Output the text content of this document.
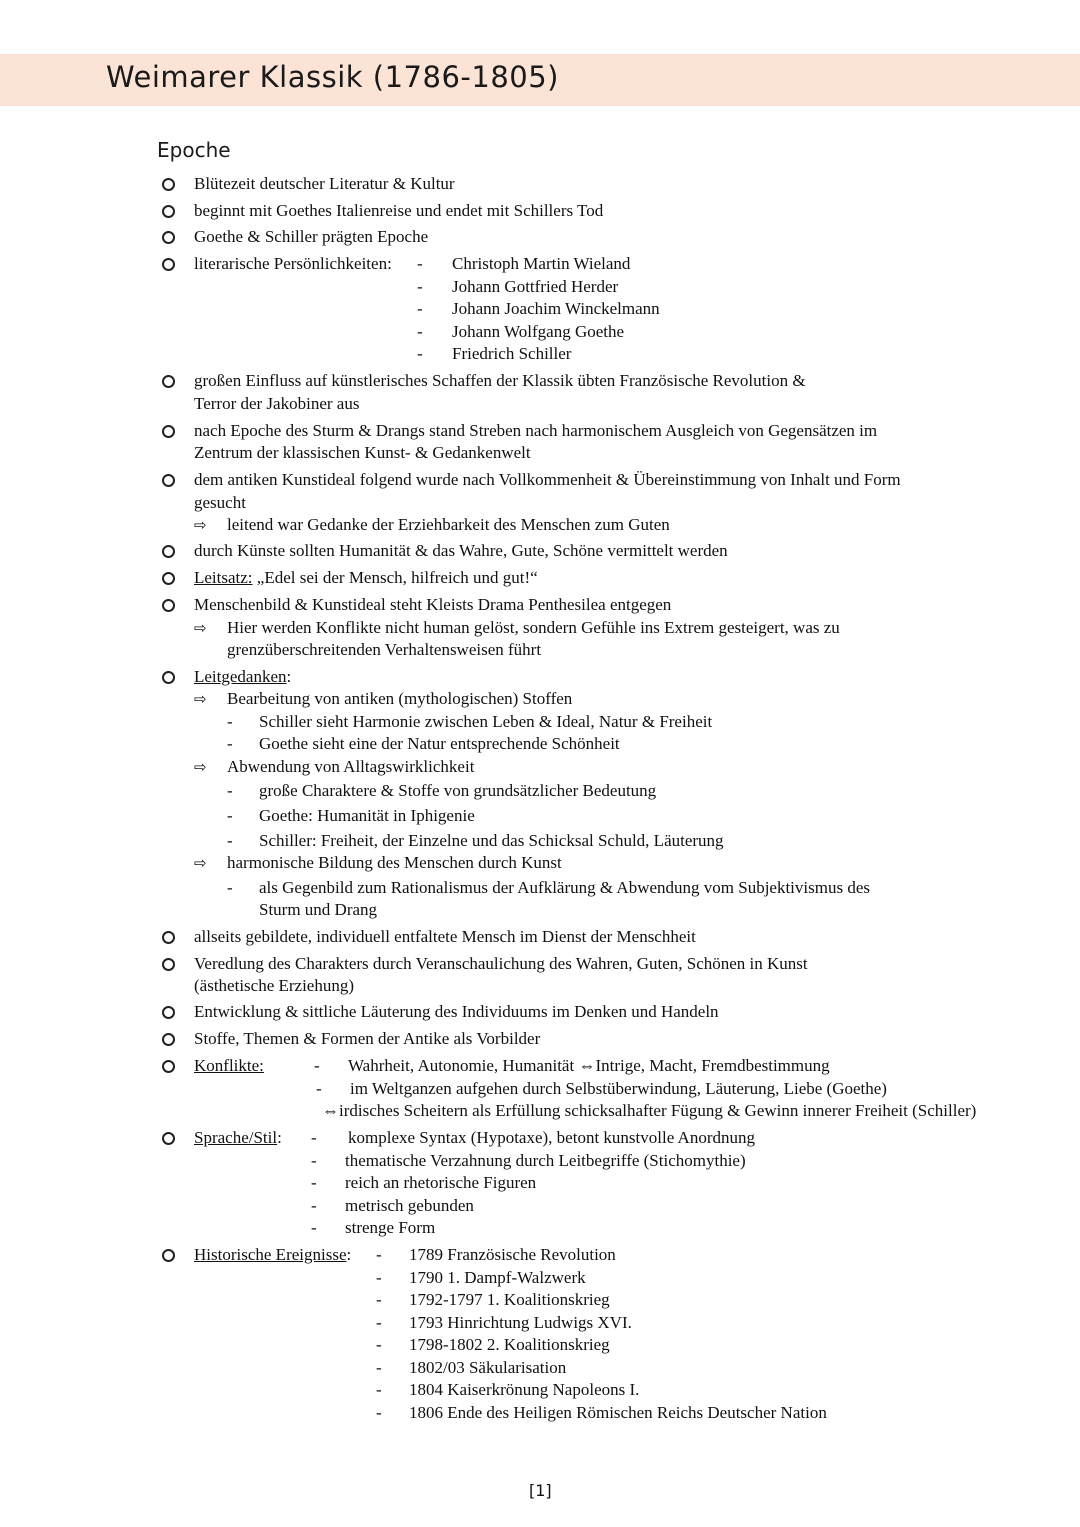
Weimarer Klassik (1786-1805)
Epoche
Blütezeit deutscher Literatur & Kultur
beginnt mit Goethes Italienreise und endet mit Schillers Tod
Goethe & Schiller prägten Epoche
literarische Persönlichkeiten: - Christoph Martin Wieland
- Johann Gottfried Herder
- Johann Joachim Winckelmann
- Johann Wolfgang Goethe
- Friedrich Schiller
großen Einfluss auf künstlerisches Schaffen der Klassik übten Französische Revolution &
Terror der Jakobiner aus
nach Epoche des Sturm & Drangs stand Streben nach harmonischem Ausgleich von Gegensätzen im
Zentrum der klassischen Kunst- & Gedankenwelt
dem antiken Kunstideal folgend wurde nach Vollkommenheit & Übereinstimmung von Inhalt und Form
gesucht
⇨ leitend war Gedanke der Erziehbarkeit des Menschen zum Guten
durch Künste sollten Humanität & das Wahre, Gute, Schöne vermittelt werden
Leitsatz: „Edel sei der Mensch, hilfreich und gut!“
Menschenbild & Kunstideal steht Kleists Drama Penthesilea entgegen
⇨ Hier werden Konflikte nicht human gelöst, sondern Gefühle ins Extrem gesteigert, was zu
grenzüberschreitenden Verhaltensweisen führt
Leitgedanken:
⇨ Bearbeitung von antiken (mythologischen) Stoffen
- Schiller sieht Harmonie zwischen Leben & Ideal, Natur & Freiheit
- Goethe sieht eine der Natur entsprechende Schönheit
⇨ Abwendung von Alltagswirklichkeit
- große Charaktere & Stoffe von grundsätzlicher Bedeutung
- Goethe: Humanität in Iphigenie
- Schiller: Freiheit, der Einzelne und das Schicksal Schuld, Läuterung
⇨ harmonische Bildung des Menschen durch Kunst
- als Gegenbild zum Rationalismus der Aufklärung & Abwendung vom Subjektivismus des
Sturm und Drang
allseits gebildete, individuell entfaltete Mensch im Dienst der Menschheit
Veredlung des Charakters durch Veranschaulichung des Wahren, Guten, Schönen in Kunst
(ästhetische Erziehung)
Entwicklung & sittliche Läuterung des Individuums im Denken und Handeln
Stoffe, Themen & Formen der Antike als Vorbilder
Konflikte:	- Wahrheit, Autonomie, Humanität ⇔Intrige, Macht, Fremdbestimmung
- im Weltganzen aufgehen durch Selbstüberwindung, Läuterung, Liebe (Goethe)
⇔irdisches Scheitern als Erfüllung schicksalhafter Fügung & Gewinn innerer Freiheit (Schiller)
Sprache/Stil: - komplexe Syntax (Hypotaxe), betont kunstvolle Anordnung
- thematische Verzahnung durch Leitbegriffe (Stichomythie)
- reich an rhetorische Figuren
- metrisch gebunden
- strenge Form
Historische Ereignisse: - 1789 Französische Revolution
- 1790 1. Dampf-Walzwerk
- 1792-1797 1. Koalitionskrieg
- 1793 Hinrichtung Ludwigs XVI.
- 1798-1802 2. Koalitionskrieg
- 1802/03 Säkularisation
- 1804 Kaiserkrönung Napoleons I.
- 1806 Ende des Heiligen Römischen Reichs Deutscher Nation
[1]
